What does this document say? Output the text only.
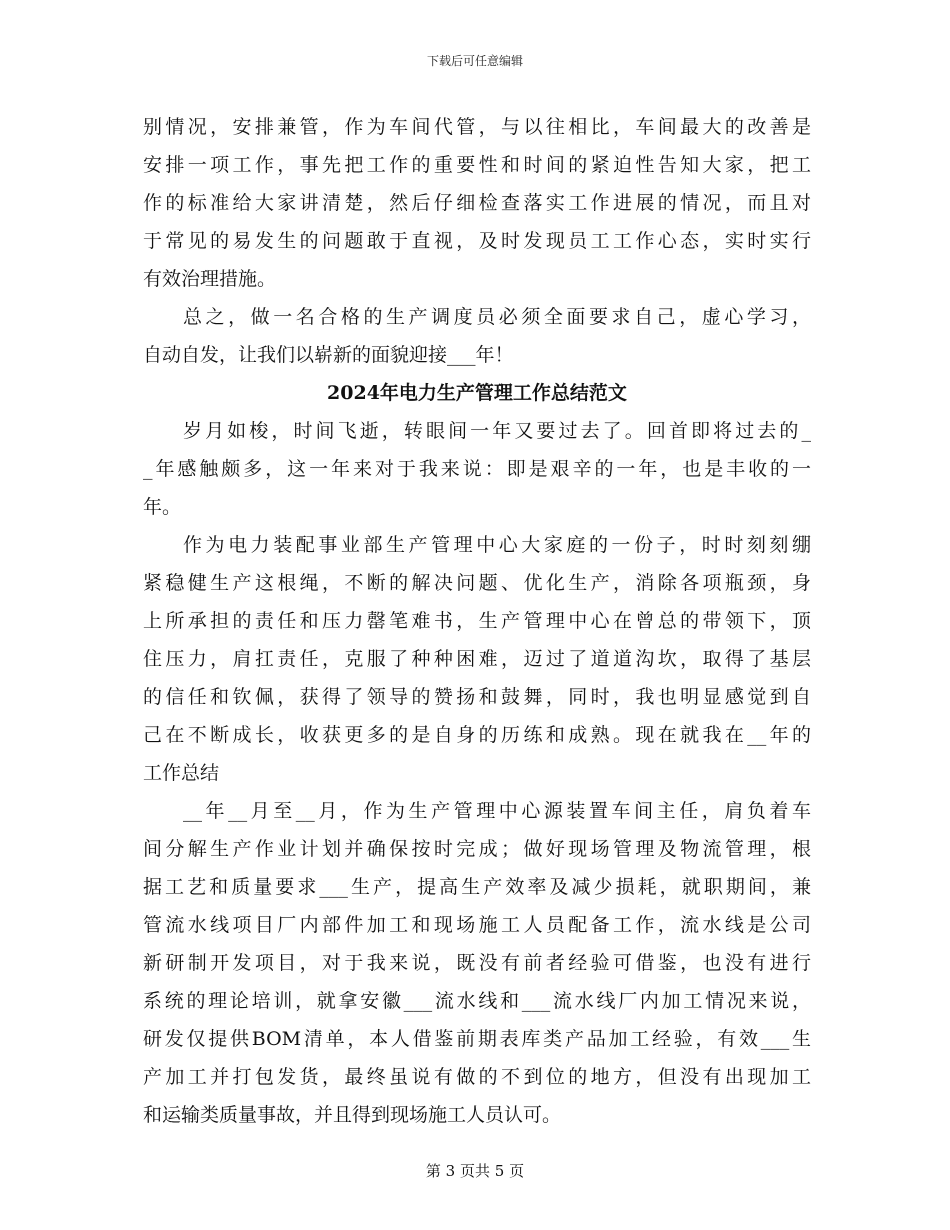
下载后可任意编辑
别情况，安排兼管，作为车间代管，与以往相比，车间最大的改善是
安排一项工作，事先把工作的重要性和时间的紧迫性告知大家，把工
作的标准给大家讲清楚，然后仔细检查落实工作进展的情况，而且对
于常见的易发生的问题敢于直视，及时发现员工工作心态，实时实行
有效治理措施。
总之，做一名合格的生产调度员必须全面要求自己，虚心学习，
自动自发，让我们以崭新的面貌迎接___年！
2024年电力生产管理工作总结范文
岁月如梭，时间飞逝，转眼间一年又要过去了。回首即将过去的_
_年感触颇多，这一年来对于我来说：即是艰辛的一年，也是丰收的一
年。
作为电力装配事业部生产管理中心大家庭的一份子，时时刻刻绷
紧稳健生产这根绳，不断的解决问题、优化生产，消除各项瓶颈，身
上所承担的责任和压力罄笔难书，生产管理中心在曾总的带领下，顶
住压力，肩扛责任，克服了种种困难，迈过了道道沟坎，取得了基层
的信任和钦佩，获得了领导的赞扬和鼓舞，同时，我也明显感觉到自
己在不断成长，收获更多的是自身的历练和成熟。现在就我在__年的
工作总结
__年__月至__月，作为生产管理中心源装置车间主任，肩负着车
间分解生产作业计划并确保按时完成；做好现场管理及物流管理，根
据工艺和质量要求___生产，提高生产效率及减少损耗，就职期间，兼
管流水线项目厂内部件加工和现场施工人员配备工作，流水线是公司
新研制开发项目，对于我来说，既没有前者经验可借鉴，也没有进行
系统的理论培训，就拿安徽___流水线和___流水线厂内加工情况来说，
研发仅提供BOM清单，本人借鉴前期表库类产品加工经验，有效___生
产加工并打包发货，最终虽说有做的不到位的地方，但没有出现加工
和运输类质量事故，并且得到现场施工人员认可。
第 3 页共 5 页
